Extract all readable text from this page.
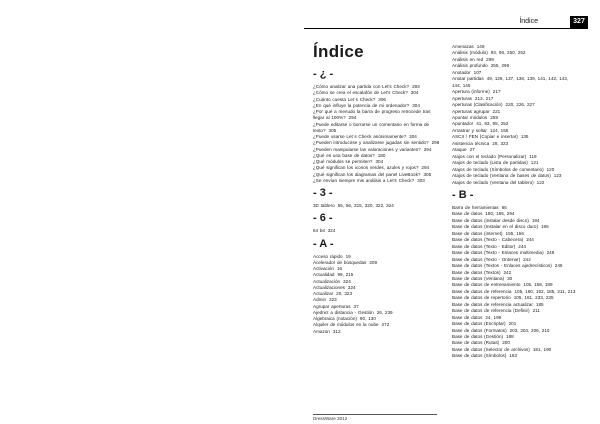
Índice	327
Índice
- ¿ -
¿Cómo analizar una partida con Let's Check? 293
¿Cómo se crea el escalafón de Let's Check? 304
¿Cuánto cuesta Let´s Check? 306
¿En qué influye la potencia de mi ordenador? 304
¿Por qué a menudo la barra de progreso retrocede tras llegar al 100%? 294
¿Puede editarse o borrarse un comentario en forma de texto? 305
¿Puede usarse Let´s Check anónimamente? 304
¿Pueden introducirse y analizarse jugadas sin sentido? 298
¿Pueden manipularse las valoraciones y variantes? 294
¿Qué es una base de datos? 180
¿Qué módulos se permiten? 304
¿Qué significan los iconos verdes, azules y rojos? 294
¿Qué significan los diagramas del panel LiveBook? 305
¿Se envían siempre mis análisis a Let's Check? 303
- 3 -
3D tablero 55, 56, 315, 320, 322, 324
- 6 -
64 bit 324
- A -
Acceso rápido 19
Acelerador de búsquedas 209
Activación 16
Actualidad 99, 215
Actualización 324
Actualizaciones 324
Actualizar 20, 323
Admin 323
Agrupar aperturas 37
Ajedrez a distancia - Gestión 26, 239
Algebraica (notación) 90, 130
Alquiler de módulos en la nube 272
Amazon 312
Amenazas 149
Análisis (módulo) 93, 96, 250, 252
Análisis en red 299
Análisis profundo 255, 296
Anotador 107
Anotar partidas 49, 129, 137, 138, 139, 141, 142, 143, 144, 145
Apertura (informe) 217
Aperturas 213, 217
Aperturas (Clasificación) 220, 226, 227
Aperturas agrupar 221
Apuntar módulos 259
Apuntador 41, 93, 95, 252
Arrastrar y soltar 124, 155
ASCII / FEN (Copiar e insertar) 135
Asistencia técnica 28, 323
Ataque 27
Atajos con el teclado (Personalizar) 119
Atajos de teclado (Lista de partidas) 121
Atajos de teclado (Símbolos de comentario) 120
Atajos de teclado (Ventana de bases de datos) 123
Atajos de teclado (Ventana del tablero) 122
- B -
Barra de herramientas 65
Base de datos 180, 185, 294
Base de datos (instalar desde disco) 194
Base de datos (Instalar en el disco duro) 195
Base de datos (internet) 155, 156
Base de datos (Texto - Cabecera) 244
Base de datos (Texto - Editor) 244
Base de datos (Texto - Enlaces multimedia) 246
Base de datos (Texto - Ordenar) 242
Base de datos (Textos - Enlaces ajedrecísticos) 246
Base de datos (Textos) 242
Base de datos (Ventana) 30
Base de datos de entrenamiento 105, 158, 189
Base de datos de referencia 105, 160, 162, 185, 211, 213
Base de datos de repertorio 105, 181, 233, 235
Base de datos de referencia actualizar 185
Base de datos de referencia (Definir) 211
Base de datos 24, 199
Base de datos (Encriptar) 201
Base de datos (Formatos) 203, 204, 206, 210
Base de datos (Gestión) 188
Base de datos (Rutas) 200
Base de datos (Selector de archivos) 181, 190
Base de datos (Símbolos) 183
DressWare 2012
